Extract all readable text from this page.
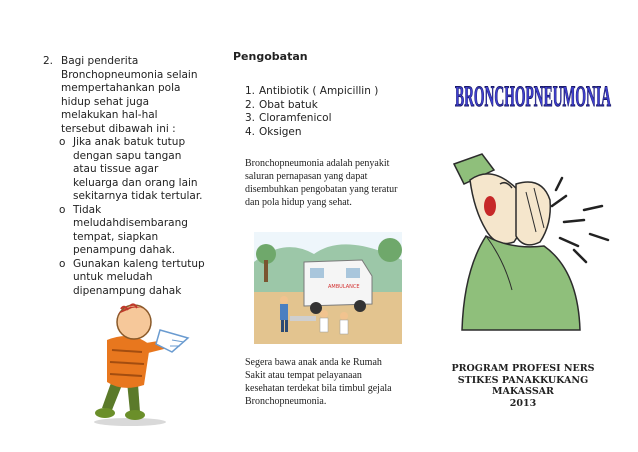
2. Bagi penderita Bronchopneumonia selain mempertahankan pola hidup sehat juga melakukan hal-hal tersebut dibawah ini :
o Jika anak batuk tutup dengan sapu tangan atau tissue agar keluarga dan orang lain sekitarnya tidak tertular.
o Tidak meludahdisembarang tempat, siapkan penampung dahak.
o Gunakan kaleng tertutup untuk meludah dipenampung dahak
Pengobatan
1. Antibiotik ( Ampicillin )
2. Obat batuk
3. Cloramfenicol
4. Oksigen
Bronchopneumonia adalah penyakit saluran pernapasan yang dapat disembuhkan pengobatan yang teratur dan pola hidup yang sehat.
AMBULANCE
Segera bawa anak anda ke Rumah Sakit atau tempat pelayanaan kesehatan terdekat bila timbul gejala Bronchopneumonia.
BRONCHOPNEUMONIA
PROGRAM PROFESI NERS
STIKES PANAKKUKANG
MAKASSAR
2013
